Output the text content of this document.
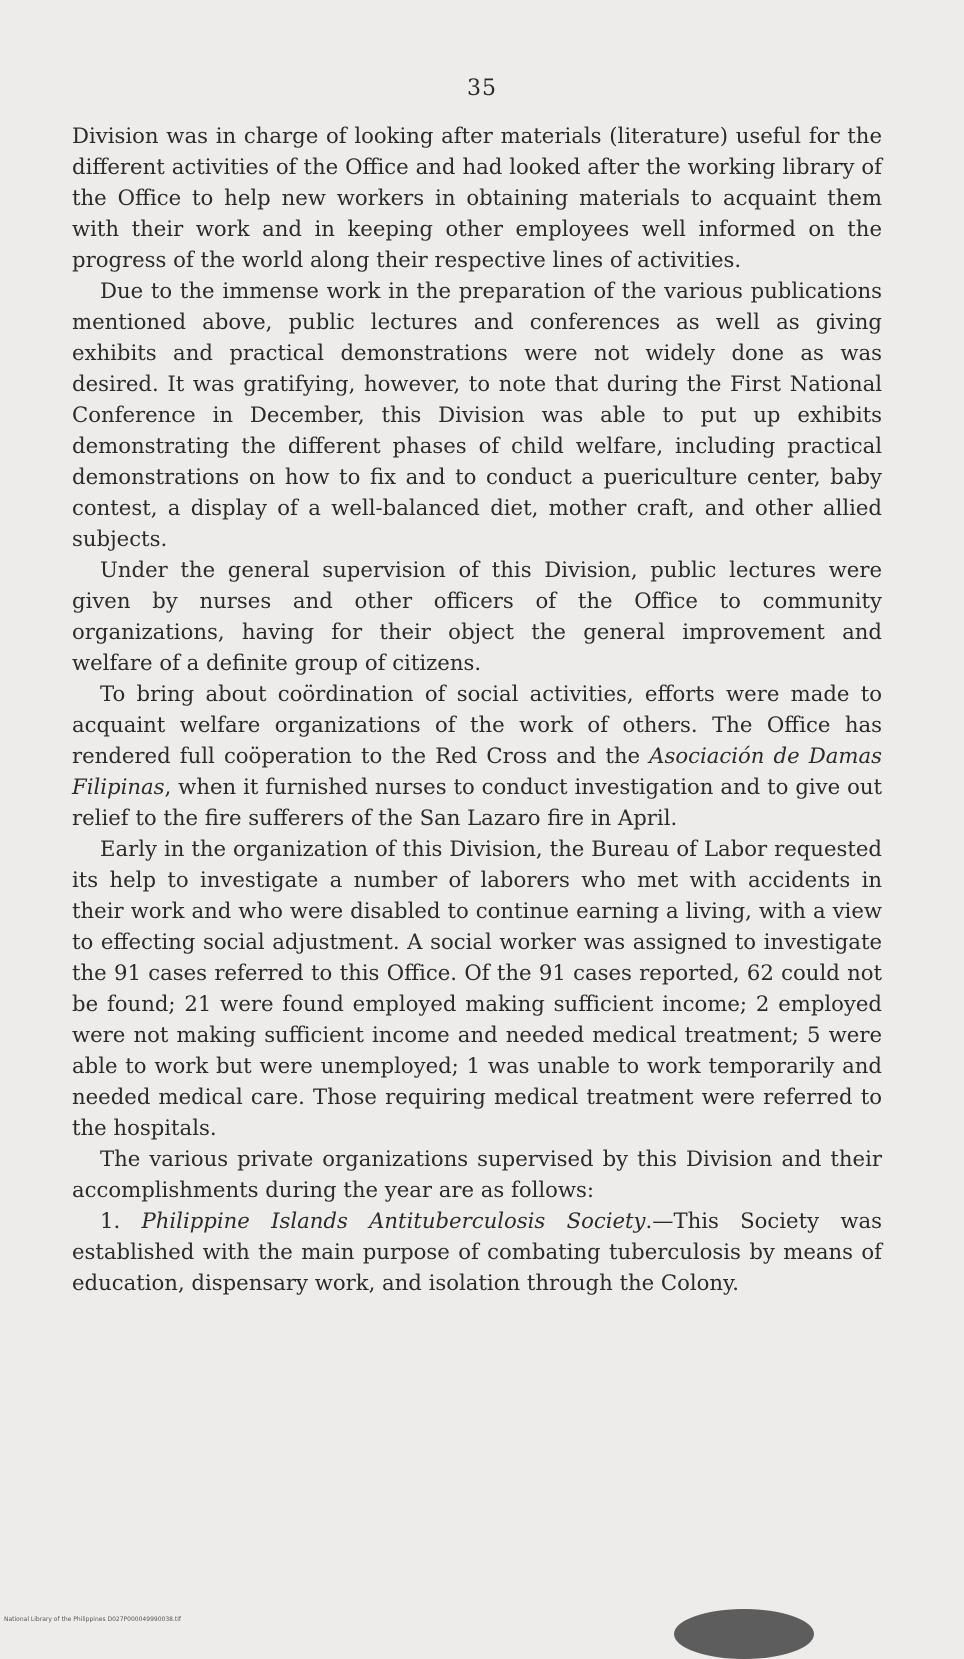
35

Division was in charge of looking after materials (literature) useful for the different activities of the Office and had looked after the working library of the Office to help new workers in obtaining materials to acquaint them with their work and in keeping other employees well informed on the progress of the world along their respective lines of activities.

Due to the immense work in the preparation of the various publications mentioned above, public lectures and conferences as well as giving exhibits and practical demonstrations were not widely done as was desired. It was gratifying, however, to note that during the First National Conference in December, this Division was able to put up exhibits demonstrating the different phases of child welfare, including practical demonstrations on how to fix and to conduct a puericulture center, baby contest, a display of a well-balanced diet, mother craft, and other allied subjects.

Under the general supervision of this Division, public lectures were given by nurses and other officers of the Office to community organizations, having for their object the general improvement and welfare of a definite group of citizens.

To bring about coördination of social activities, efforts were made to acquaint welfare organizations of the work of others. The Office has rendered full coöperation to the Red Cross and the Asociación de Damas Filipinas, when it furnished nurses to conduct investigation and to give out relief to the fire sufferers of the San Lazaro fire in April.

Early in the organization of this Division, the Bureau of Labor requested its help to investigate a number of laborers who met with accidents in their work and who were disabled to continue earning a living, with a view to effecting social adjustment. A social worker was assigned to investigate the 91 cases referred to this Office. Of the 91 cases reported, 62 could not be found; 21 were found employed making sufficient income; 2 employed were not making sufficient income and needed medical treatment; 5 were able to work but were unemployed; 1 was unable to work temporarily and needed medical care. Those requiring medical treatment were referred to the hospitals.

The various private organizations supervised by this Division and their accomplishments during the year are as follows:

1. Philippine Islands Antituberculosis Society.—This Society was established with the main purpose of combating tuberculosis by means of education, dispensary work, and isolation through the Colony.

National Library of the Philippines D027P000049990038.tif
